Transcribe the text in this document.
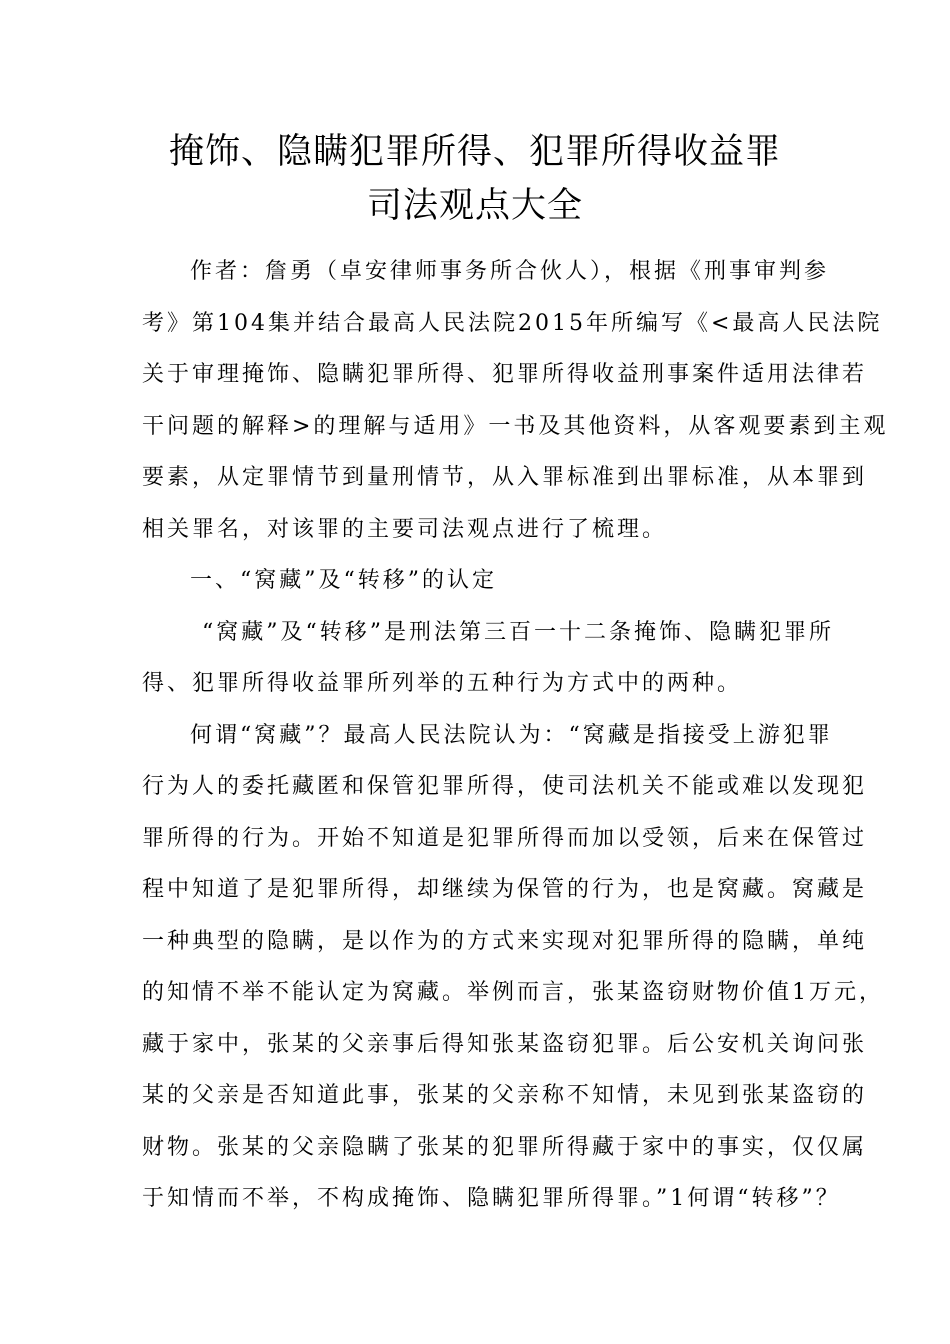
掩饰、隐瞒犯罪所得、犯罪所得收益罪
司法观点大全
作者：詹勇（卓安律师事务所合伙人），根据《刑事审判参
考》第104集并结合最高人民法院2015年所编写《<最高人民法院
关于审理掩饰、隐瞒犯罪所得、犯罪所得收益刑事案件适用法律若
干问题的解释>的理解与适用》一书及其他资料，从客观要素到主观
要素，从定罪情节到量刑情节，从入罪标准到出罪标准，从本罪到
相关罪名，对该罪的主要司法观点进行了梳理。
一、“窝藏”及“转移”的认定
“窝藏”及“转移”是刑法第三百一十二条掩饰、隐瞒犯罪所
得、犯罪所得收益罪所列举的五种行为方式中的两种。
何谓“窝藏”？最高人民法院认为：“窝藏是指接受上游犯罪
行为人的委托藏匿和保管犯罪所得，使司法机关不能或难以发现犯
罪所得的行为。开始不知道是犯罪所得而加以受领，后来在保管过
程中知道了是犯罪所得，却继续为保管的行为，也是窝藏。窝藏是
一种典型的隐瞒，是以作为的方式来实现对犯罪所得的隐瞒，单纯
的知情不举不能认定为窝藏。举例而言，张某盗窃财物价值1万元，
藏于家中，张某的父亲事后得知张某盗窃犯罪。后公安机关询问张
某的父亲是否知道此事，张某的父亲称不知情，未见到张某盗窃的
财物。张某的父亲隐瞒了张某的犯罪所得藏于家中的事实，仅仅属
于知情而不举，不构成掩饰、隐瞒犯罪所得罪。”1何谓“转移”？
